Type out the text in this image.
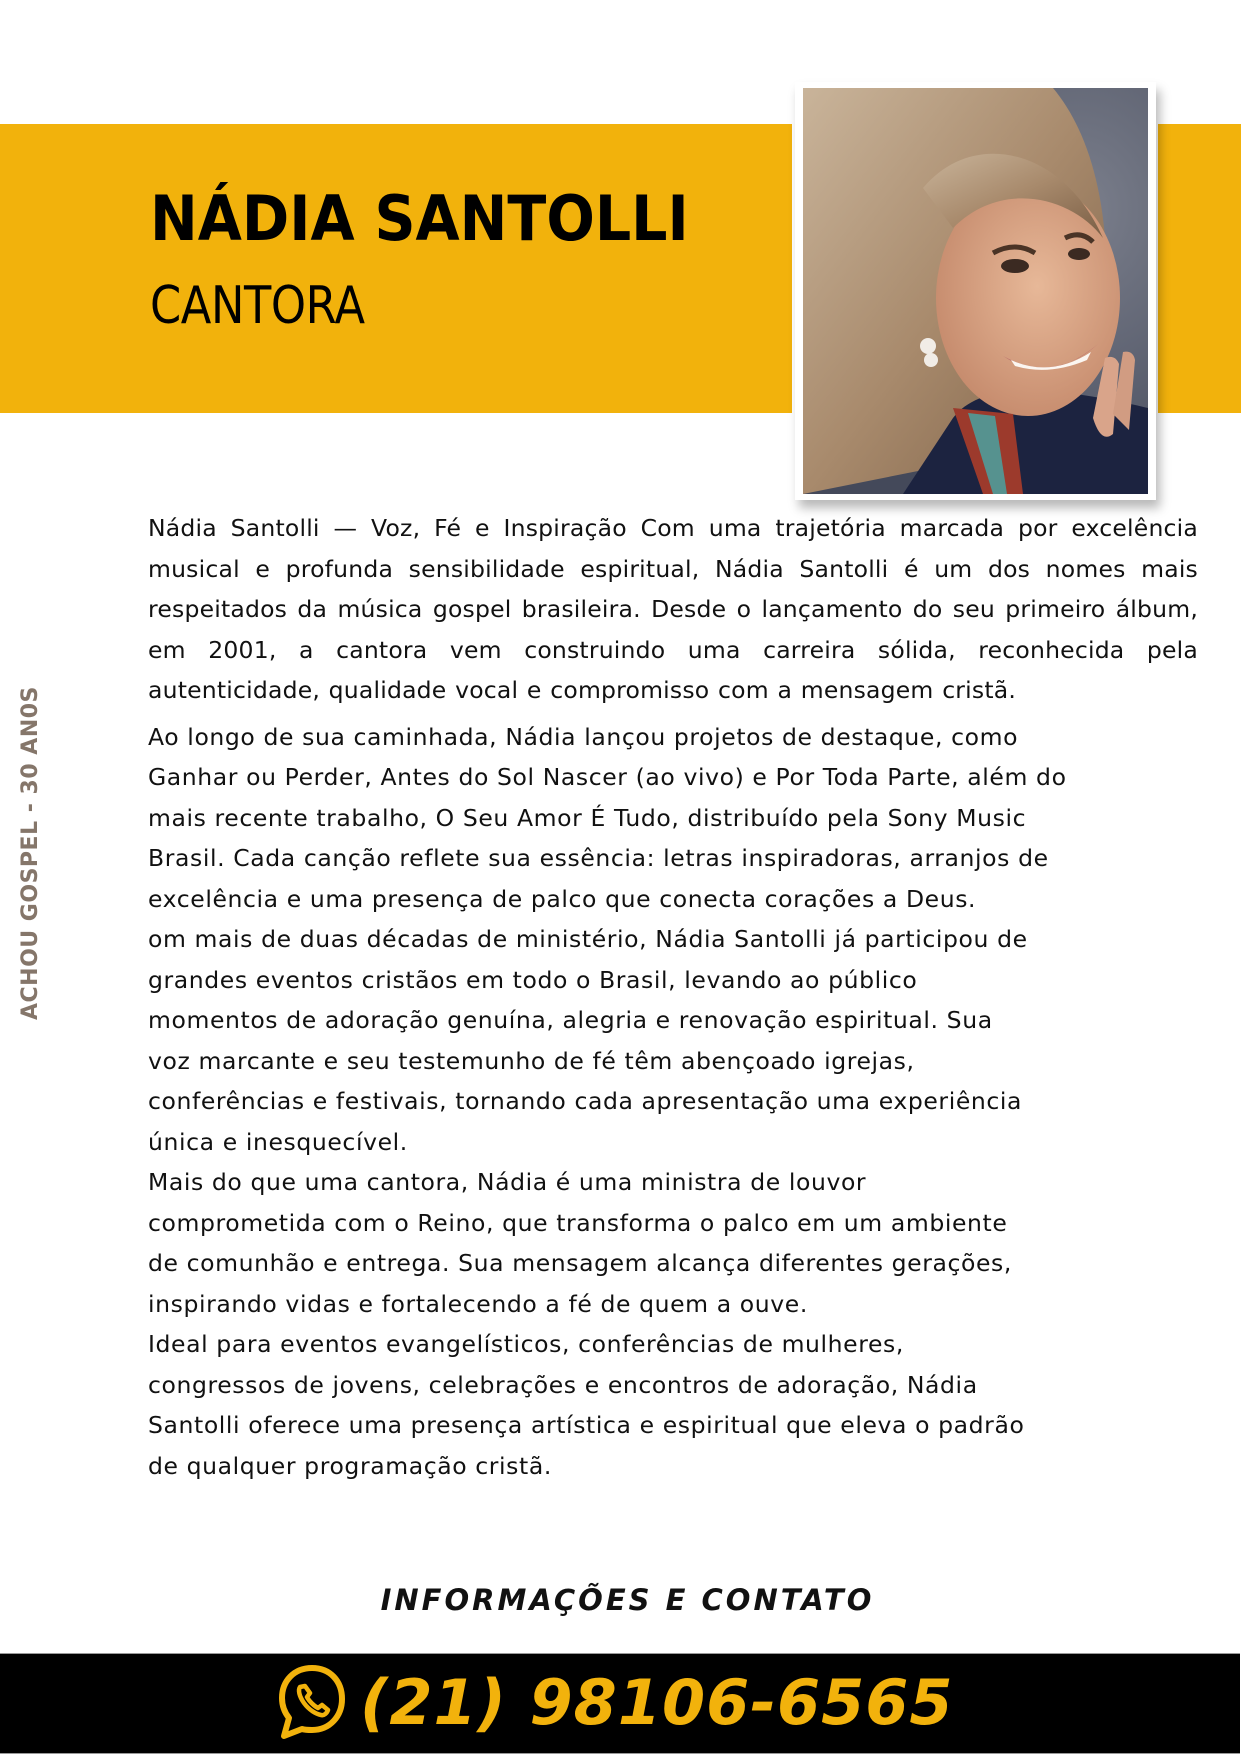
NÁDIA SANTOLLI
CANTORA
ACHOU GOSPEL - 30 AN0S

Nádia Santolli — Voz, Fé e Inspiração Com uma trajetória marcada por excelência musical e profunda sensibilidade espiritual, Nádia Santolli é um dos nomes mais respeitados da música gospel brasileira. Desde o lançamento do seu primeiro álbum, em 2001, a cantora vem construindo uma carreira sólida, reconhecida pela autenticidade, qualidade vocal e compromisso com a mensagem cristã.

Ao longo de sua caminhada, Nádia lançou projetos de destaque, como
Ganhar ou Perder, Antes do Sol Nascer (ao vivo) e Por Toda Parte, além do
mais recente trabalho, O Seu Amor É Tudo, distribuído pela Sony Music
Brasil. Cada canção reflete sua essência: letras inspiradoras, arranjos de
excelência e uma presença de palco que conecta corações a Deus.

om mais de duas décadas de ministério, Nádia Santolli já participou de
grandes eventos cristãos em todo o Brasil, levando ao público
momentos de adoração genuína, alegria e renovação espiritual. Sua
voz marcante e seu testemunho de fé têm abençoado igrejas,
conferências e festivais, tornando cada apresentação uma experiência
única e inesquecível.

Mais do que uma cantora, Nádia é uma ministra de louvor
comprometida com o Reino, que transforma o palco em um ambiente
de comunhão e entrega. Sua mensagem alcança diferentes gerações,
inspirando vidas e fortalecendo a fé de quem a ouve.

Ideal para eventos evangelísticos, conferências de mulheres,
congressos de jovens, celebrações e encontros de adoração, Nádia
Santolli oferece uma presença artística e espiritual que eleva o padrão
de qualquer programação cristã.

INFORMAÇÕES E CONTATO
(21) 98106-6565
